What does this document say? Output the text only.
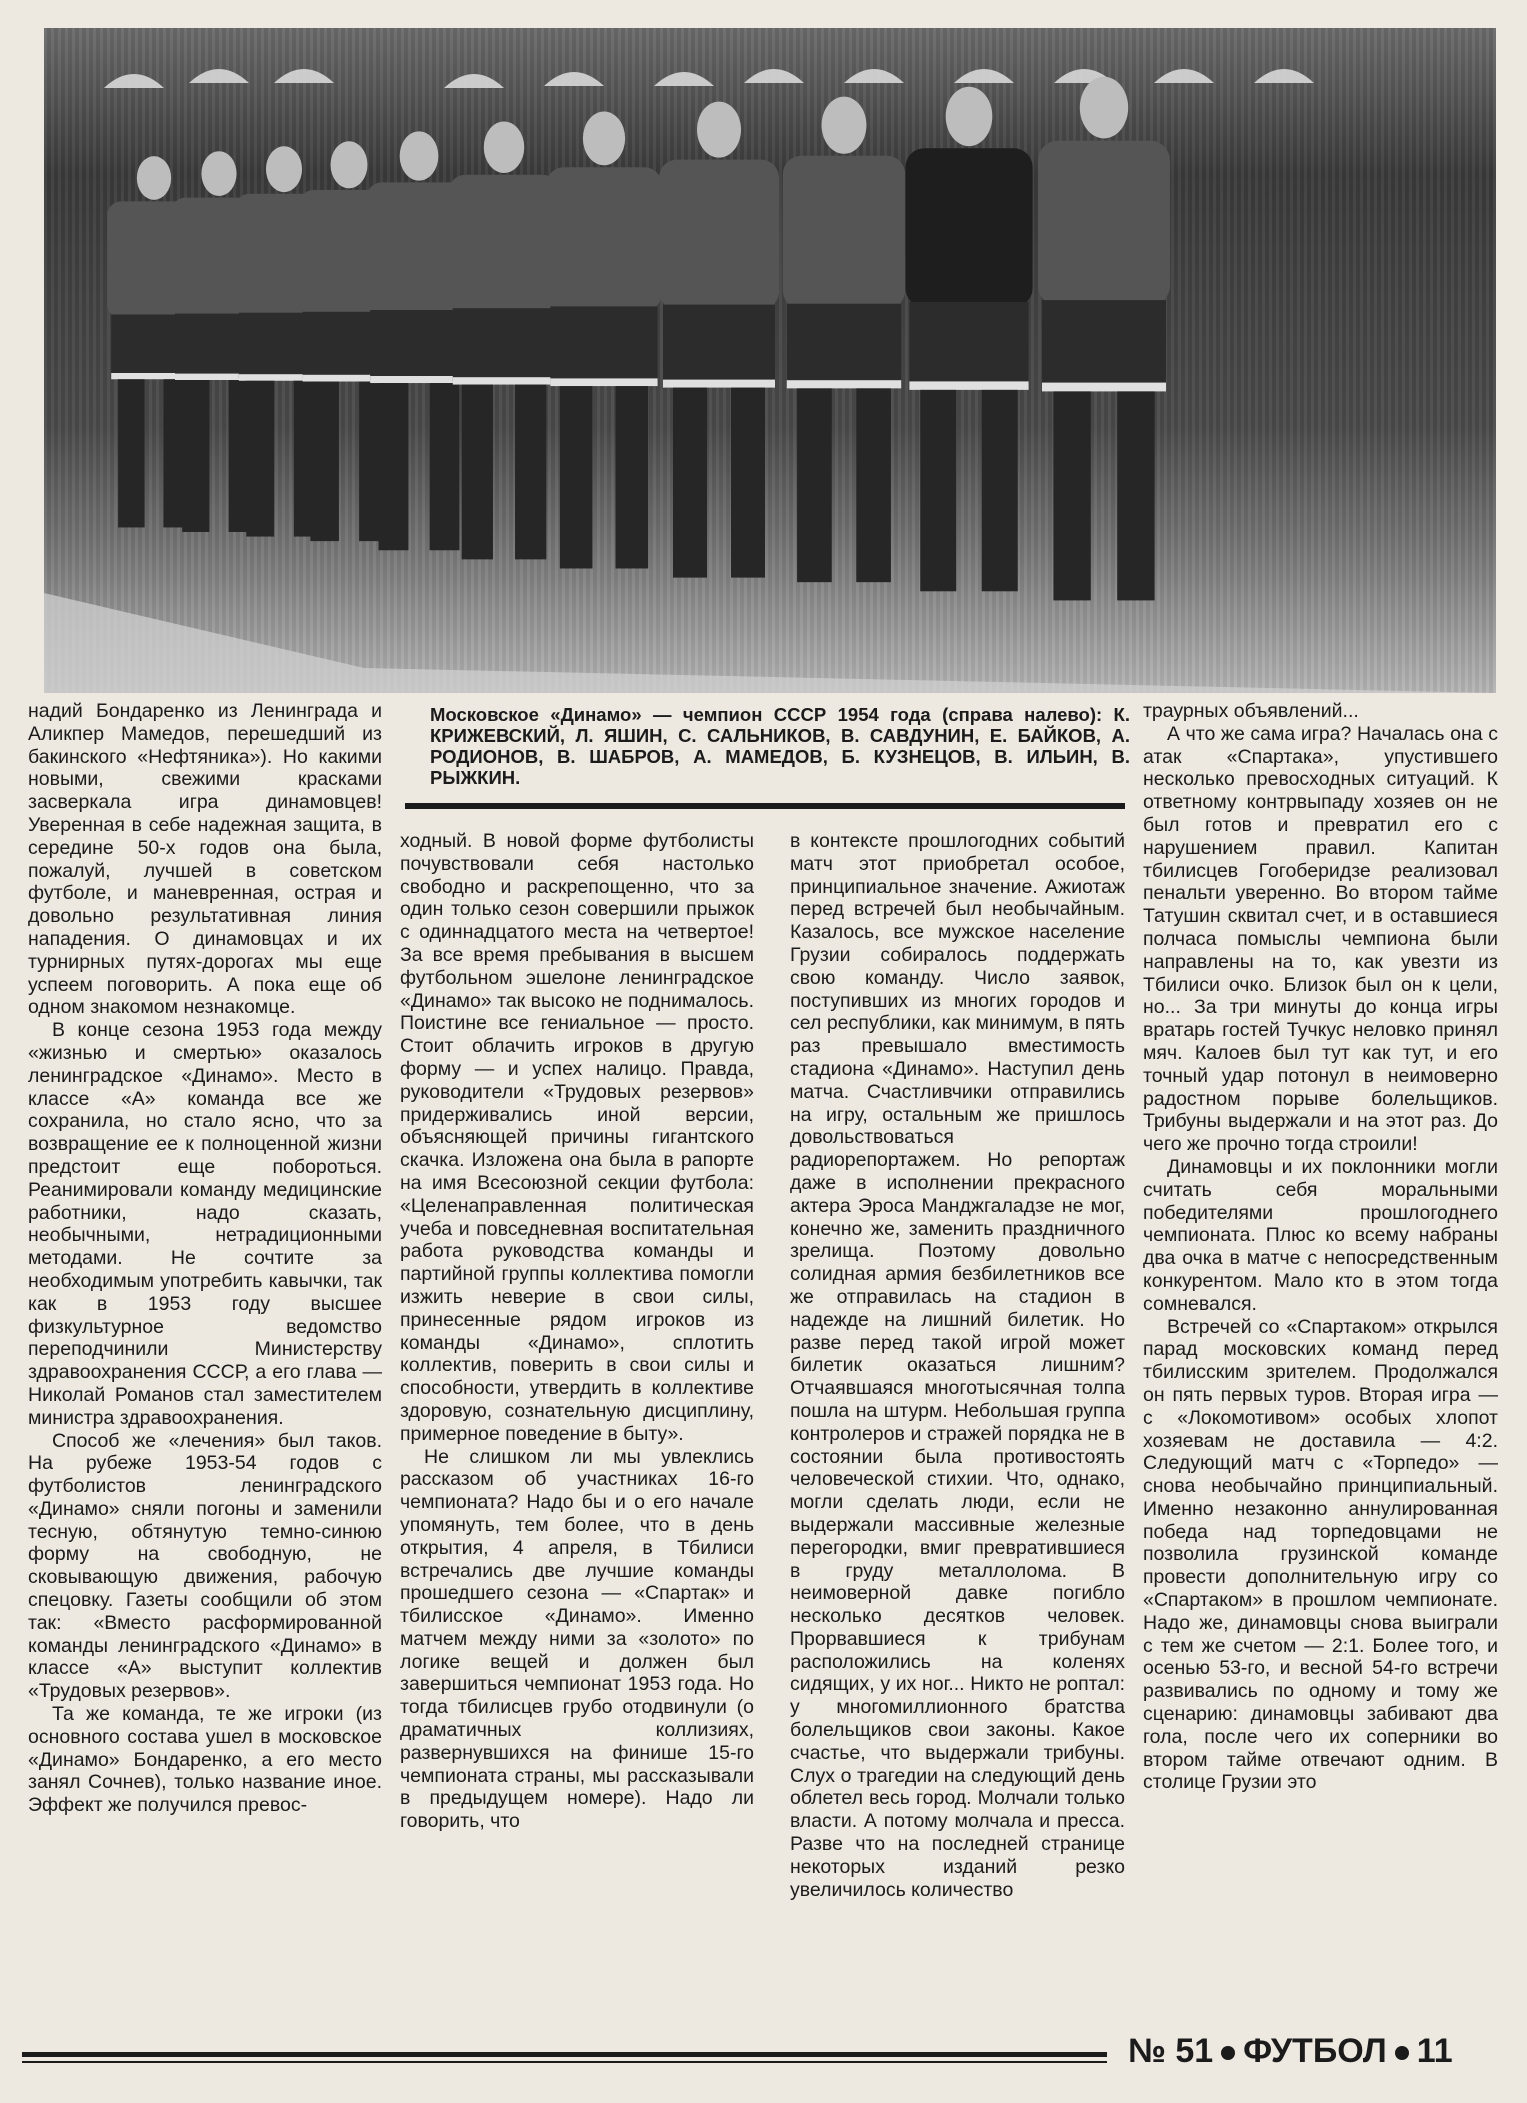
Московское «Динамо» — чемпион СССР 1954 года (справа налево): К. КРИЖЕВСКИЙ, Л. ЯШИН, С. САЛЬНИКОВ, В. САВДУНИН, Е. БАЙКОВ, А. РОДИОНОВ, В. ШАБРОВ, А. МАМЕДОВ, Б. КУЗНЕЦОВ, В. ИЛЬИН, В. РЫЖКИН.

надий Бондаренко из Ленинграда и Аликпер Мамедов, перешедший из бакинского «Нефтяника»). Но какими новыми, свежими красками засверкала игра динамовцев! Уверенная в себе надежная защита, в середине 50-х годов она была, пожалуй, лучшей в советском футболе, и маневренная, острая и довольно результативная линия нападения. О динамовцах и их турнирных путях-дорогах мы еще успеем поговорить. А пока еще об одном знакомом незнакомце.

В конце сезона 1953 года между «жизнью и смертью» оказалось ленинградское «Динамо». Место в классе «А» команда все же сохранила, но стало ясно, что за возвращение ее к полноценной жизни предстоит еще побороться. Реанимировали команду медицинские работники, надо сказать, необычными, нетрадиционными методами. Не сочтите за необходимым употребить кавычки, так как в 1953 году высшее физкультурное ведомство переподчинили Министерству здравоохранения СССР, а его глава — Николай Романов стал заместителем министра здравоохранения.

Способ же «лечения» был таков. На рубеже 1953-54 годов с футболистов ленинградского «Динамо» сняли погоны и заменили тесную, обтянутую темно-синюю форму на свободную, не сковывающую движения, рабочую спецовку. Газеты сообщили об этом так: «Вместо расформированной команды ленинградского «Динамо» в классе «А» выступит коллектив «Трудовых резервов».

Та же команда, те же игроки (из основного состава ушел в московское «Динамо» Бондаренко, а его место занял Сочнев), только название иное. Эффект же получился превос-

ходный. В новой форме футболисты почувствовали себя настолько свободно и раскрепощенно, что за один только сезон совершили прыжок с одиннадцатого места на четвертое! За все время пребывания в высшем футбольном эшелоне ленинградское «Динамо» так высоко не поднималось. Поистине все гениальное — просто. Стоит облачить игроков в другую форму — и успех налицо. Правда, руководители «Трудовых резервов» придерживались иной версии, объясняющей причины гигантского скачка. Изложена она была в рапорте на имя Всесоюзной секции футбола: «Целенаправленная политическая учеба и повседневная воспитательная работа руководства команды и партийной группы коллектива помогли изжить неверие в свои силы, принесенные рядом игроков из команды «Динамо», сплотить коллектив, поверить в свои силы и способности, утвердить в коллективе здоровую, сознательную дисциплину, примерное поведение в быту».

Не слишком ли мы увлеклись рассказом об участниках 16-го чемпионата? Надо бы и о его начале упомянуть, тем более, что в день открытия, 4 апреля, в Тбилиси встречались две лучшие команды прошедшего сезона — «Спартак» и тбилисское «Динамо». Именно матчем между ними за «золото» по логике вещей и должен был завершиться чемпионат 1953 года. Но тогда тбилисцев грубо отодвинули (о драматичных коллизиях, развернувшихся на финише 15-го чемпионата страны, мы рассказывали в предыдущем номере). Надо ли говорить, что

в контексте прошлогодних событий матч этот приобретал особое, принципиальное значение. Ажиотаж перед встречей был необычайным. Казалось, все мужское население Грузии собиралось поддержать свою команду. Число заявок, поступивших из многих городов и сел республики, как минимум, в пять раз превышало вместимость стадиона «Динамо». Наступил день матча. Счастливчики отправились на игру, остальным же пришлось довольствоваться радиорепортажем. Но репортаж даже в исполнении прекрасного актера Эроса Манджгаладзе не мог, конечно же, заменить праздничного зрелища. Поэтому довольно солидная армия безбилетников все же отправилась на стадион в надежде на лишний билетик. Но разве перед такой игрой может билетик оказаться лишним? Отчаявшаяся многотысячная толпа пошла на штурм. Небольшая группа контролеров и стражей порядка не в состоянии была противостоять человеческой стихии. Что, однако, могли сделать люди, если не выдержали массивные железные перегородки, вмиг превратившиеся в груду металлолома. В неимоверной давке погибло несколько десятков человек. Прорвавшиеся к трибунам расположились на коленях сидящих, у их ног... Никто не роптал: у многомиллионного братства болельщиков свои законы. Какое счастье, что выдержали трибуны. Слух о трагедии на следующий день облетел весь город. Молчали только власти. А потому молчала и пресса. Разве что на последней странице некоторых изданий резко увеличилось количество

траурных объявлений...

А что же сама игра? Началась она с атак «Спартака», упустившего несколько превосходных ситуаций. К ответному контрвыпаду хозяев он не был готов и превратил его с нарушением правил. Капитан тбилисцев Гогоберидзе реализовал пенальти уверенно. Во втором тайме Татушин сквитал счет, и в оставшиеся полчаса помыслы чемпиона были направлены на то, как увезти из Тбилиси очко. Близок был он к цели, но... За три минуты до конца игры вратарь гостей Тучкус неловко принял мяч. Калоев был тут как тут, и его точный удар потонул в неимоверно радостном порыве болельщиков. Трибуны выдержали и на этот раз. До чего же прочно тогда строили!

Динамовцы и их поклонники могли считать себя моральными победителями прошлогоднего чемпионата. Плюс ко всему набраны два очка в матче с непосредственным конкурентом. Мало кто в этом тогда сомневался.

Встречей со «Спартаком» открылся парад московских команд перед тбилисским зрителем. Продолжался он пять первых туров. Вторая игра — с «Локомотивом» особых хлопот хозяевам не доставила — 4:2. Следующий матч с «Торпедо» — снова необычайно принципиальный. Именно незаконно аннулированная победа над торпедовцами не позволила грузинской команде провести дополнительную игру со «Спартаком» в прошлом чемпионате. Надо же, динамовцы снова выиграли с тем же счетом — 2:1. Более того, и осенью 53-го, и весной 54-го встречи развивались по одному и тому же сценарию: динамовцы забивают два гола, после чего их соперники во втором тайме отвечают одним. В столице Грузии это

№ 51 ФУТБОЛ 11
